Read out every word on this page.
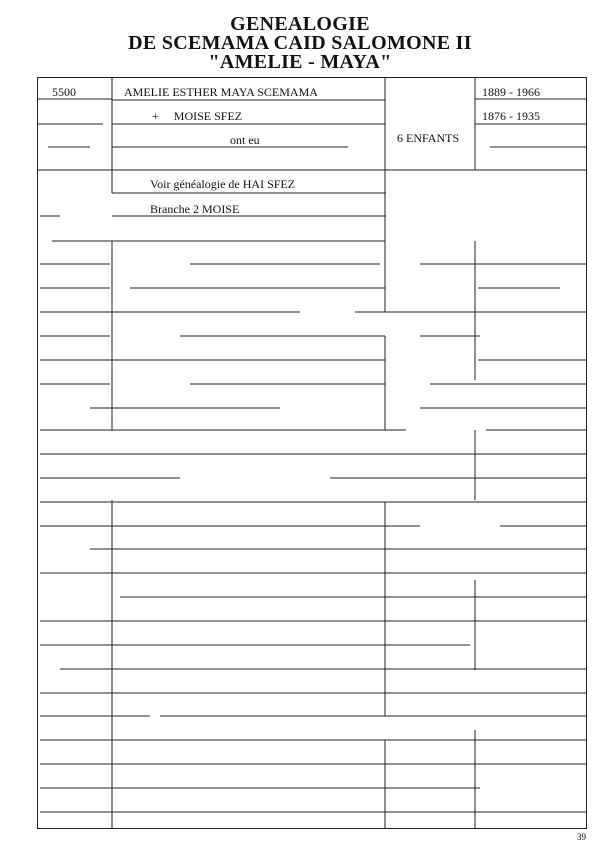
GENEALOGIE
DE SCEMAMA CAID SALOMONE II
"AMELIE - MAYA"
5500	AMELIE ESTHER MAYA SCEMAMA	1889 - 1966
+     MOISE SFEZ	1876 - 1935
ont eu	6 ENFANTS
Voir généalogie de HAI SFEZ
Branche 2 MOISE
39
